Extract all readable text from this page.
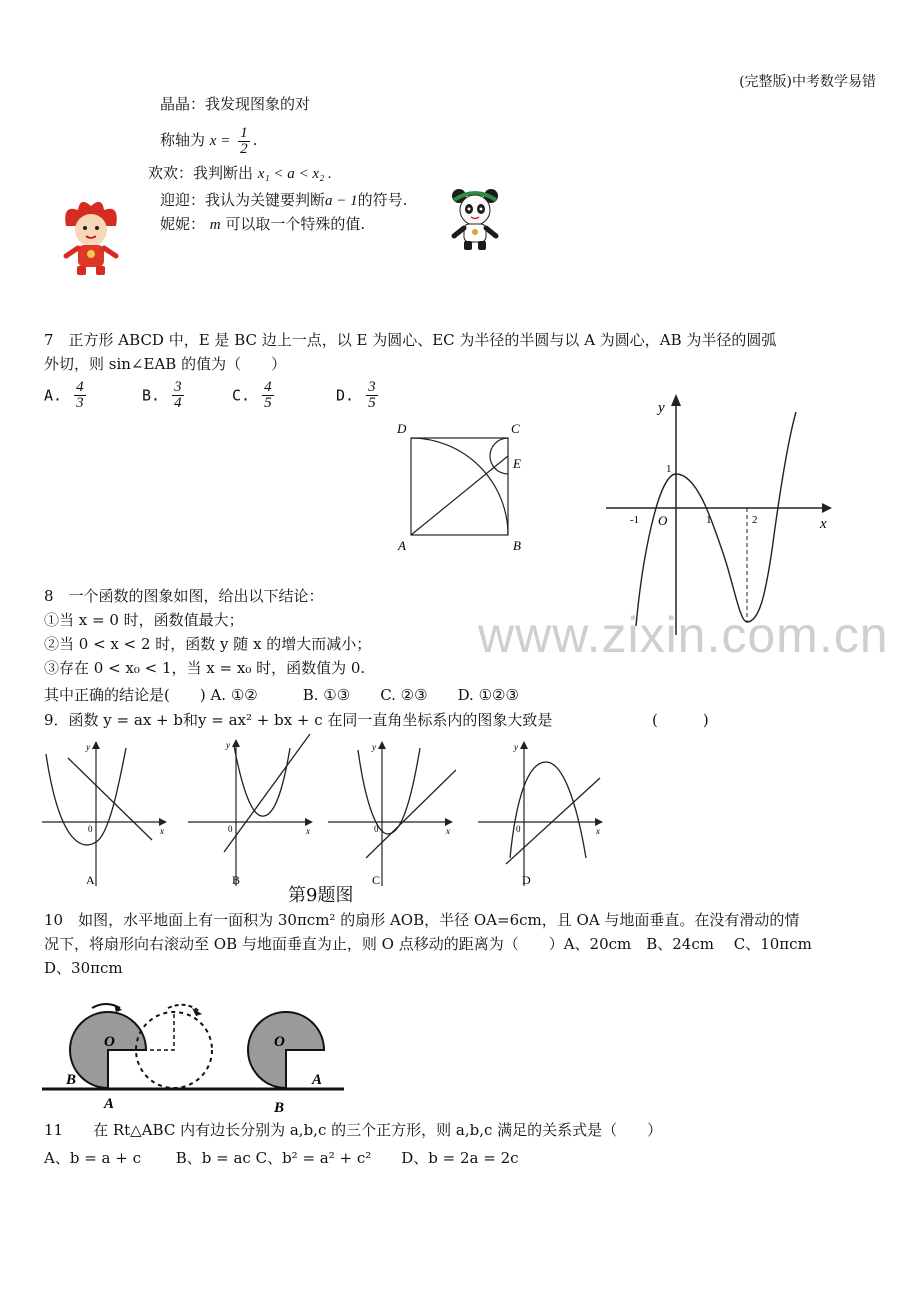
(完整版)中考数学易错
晶晶：我发现图象的对
称轴为 $x = \frac{1}{2}$ .
欢欢：我判断出 x₁ < a < x₂ .
迎迎：我认为关键要判断a − 1的符号.
妮妮： m 可以取一个特殊的值.
7　正方形 ABCD 中，E 是 BC 边上一点，以 E 为圆心、EC 为半径的半圆与以 A 为圆心，AB 为半径的圆弧
外切，则 sin∠EAB 的值为（　　）
A. $\frac{4}{3}$	B. $\frac{3}{4}$	C. $\frac{4}{5}$	D. $\frac{3}{5}$
D	C
E
A	B
y
x
O
1
-1	1	2
www.zixin.com.cn
8　一个函数的图象如图，给出以下结论：
①当 x = 0 时，函数值最大；
②当 0 < x < 2 时，函数 y 随 x 的增大而减小；
③存在 0 < x₀ < 1，当 x = x₀ 时，函数值为 0.
其中正确的结论是(　　) A. ①②　　　B. ①③　　C. ②③　　D. ①②③
9．函数 y = ax + b和y = ax² + bx + c 在同一直角坐标系内的图象大致是	(　　　)
y
x
0
A
y
x
0
B
y
x
0
C
y
x
0
D
第9题图
10　如图，水平地面上有一面积为 30πcm² 的扇形 AOB，半径 OA=6cm，且 OA 与地面垂直。在没有滑动的情
况下，将扇形向右滚动至 OB 与地面垂直为止，则 O 点移动的距离为（　　）A、20cm　B、24cm　 C、10πcm
D、30πcm
O
B
A
O
A
B
11　　在 Rt△ABC 内有边长分别为 a,b,c 的三个正方形，则 a,b,c 满足的关系式是（　　）
A、b = a + c　　 B、b = ac C、b² = a² + c²　　D、b = 2a = 2c
